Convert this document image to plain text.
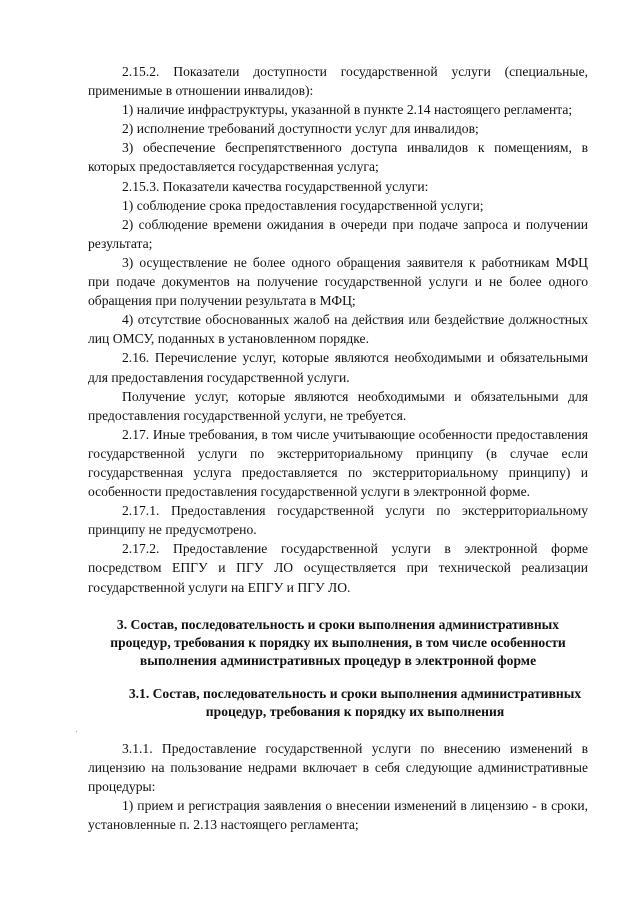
2.15.2. Показатели доступности государственной услуги (специальные, применимые в отношении инвалидов):

1) наличие инфраструктуры, указанной в пункте 2.14 настоящего регламента;

2) исполнение требований доступности услуг для инвалидов;

3) обеспечение беспрепятственного доступа инвалидов к помещениям, в которых предоставляется государственная услуга;

2.15.3. Показатели качества государственной услуги:

1) соблюдение срока предоставления государственной услуги;

2) соблюдение времени ожидания в очереди при подаче запроса и получении результата;

3) осуществление не более одного обращения заявителя к работникам МФЦ при подаче документов на получение государственной услуги и не более одного обращения при получении результата в МФЦ;

4) отсутствие обоснованных жалоб на действия или бездействие должностных лиц ОМСУ, поданных в установленном порядке.

2.16. Перечисление услуг, которые являются необходимыми и обязательными для предоставления государственной услуги.

Получение услуг, которые являются необходимыми и обязательными для предоставления государственной услуги, не требуется.

2.17. Иные требования, в том числе учитывающие особенности предоставления государственной услуги по экстерриториальному принципу (в случае если государственная услуга предоставляется по экстерриториальному принципу) и особенности предоставления государственной услуги в электронной форме.

2.17.1. Предоставления государственной услуги по экстерриториальному принципу не предусмотрено.

2.17.2. Предоставление государственной услуги в электронной форме посредством ЕПГУ и ПГУ ЛО осуществляется при технической реализации государственной услуги на ЕПГУ и ПГУ ЛО.

3. Состав, последовательность и сроки выполнения административных процедур, требования к порядку их выполнения, в том числе особенности выполнения административных процедур в электронной форме

3.1. Состав, последовательность и сроки выполнения административных процедур, требования к порядку их выполнения

3.1.1. Предоставление государственной услуги по внесению изменений в лицензию на пользование недрами включает в себя следующие административные процедуры:

1) прием и регистрация заявления о внесении изменений в лицензию - в сроки, установленные п. 2.13 настоящего регламента;
